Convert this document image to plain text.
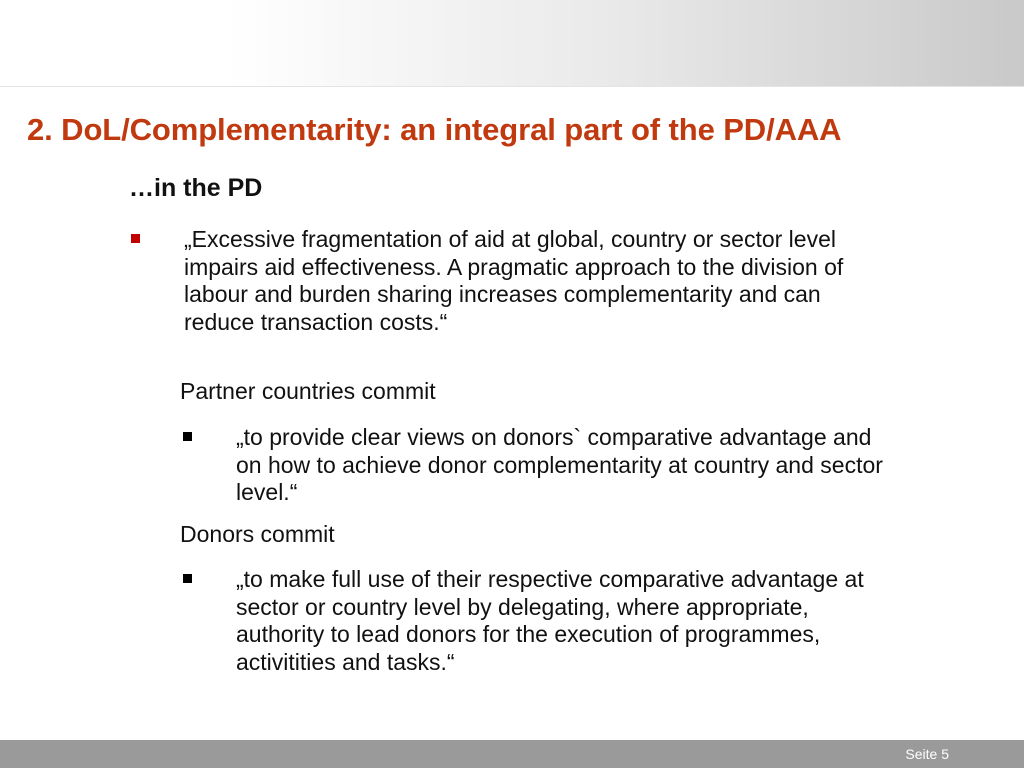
2. DoL/Complementarity: an integral part of the PD/AAA
…in the PD
„Excessive fragmentation of aid at global, country or sector level impairs aid effectiveness. A pragmatic approach to the division of labour and burden sharing increases complementarity and can reduce transaction costs.“
Partner countries commit
„to provide clear views on donors` comparative advantage and on how to achieve donor complementarity at country and sector level.“
Donors commit
„to make full use of their respective comparative advantage at sector or country level by delegating, where appropriate, authority to lead donors for the execution of programmes, activitities and tasks.“
Seite 5
